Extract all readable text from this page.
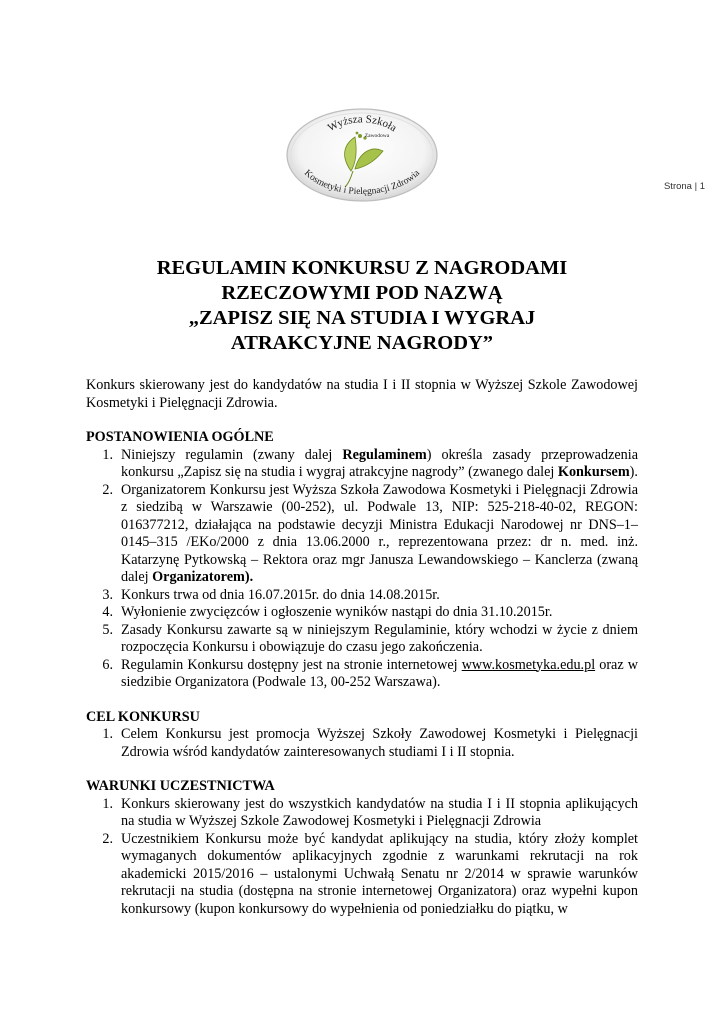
Strona | 1
Wyższa Szkoła
Zawodowa
Kosmetyki i Pielęgnacji Zdrowia
REGULAMIN KONKURSU Z NAGRODAMI
RZECZOWYMI POD NAZWĄ
„ZAPISZ SIĘ NA STUDIA I WYGRAJ
ATRAKCYJNE NAGRODY”

Konkurs skierowany jest do kandydatów na studia I i II stopnia w Wyższej Szkole Zawodowej Kosmetyki i Pielęgnacji Zdrowia.

POSTANOWIENIA OGÓLNE
1. Niniejszy regulamin (zwany dalej Regulaminem) określa zasady przeprowadzenia konkursu „Zapisz się na studia i wygraj atrakcyjne nagrody” (zwanego dalej Konkursem).
2. Organizatorem Konkursu jest Wyższa Szkoła Zawodowa Kosmetyki i Pielęgnacji Zdrowia z siedzibą w Warszawie (00-252), ul. Podwale 13, NIP: 525-218-40-02, REGON: 016377212, działająca na podstawie decyzji Ministra Edukacji Narodowej nr DNS–1–0145–315 /EKo/2000 z dnia 13.06.2000 r., reprezentowana przez: dr n. med. inż. Katarzynę Pytkowską – Rektora oraz mgr Janusza Lewandowskiego – Kanclerza (zwaną dalej Organizatorem).
3. Konkurs trwa od dnia 16.07.2015r. do dnia 14.08.2015r.
4. Wyłonienie zwycięzców i ogłoszenie wyników nastąpi do dnia 31.10.2015r.
5. Zasady Konkursu zawarte są w niniejszym Regulaminie, który wchodzi w życie z dniem rozpoczęcia Konkursu i obowiązuje do czasu jego zakończenia.
6. Regulamin Konkursu dostępny jest na stronie internetowej www.kosmetyka.edu.pl oraz w siedzibie Organizatora (Podwale 13, 00-252 Warszawa).
CEL KONKURSU
1. Celem Konkursu jest promocja Wyższej Szkoły Zawodowej Kosmetyki i Pielęgnacji Zdrowia wśród kandydatów zainteresowanych studiami I i II stopnia.
WARUNKI UCZESTNICTWA
1. Konkurs skierowany jest do wszystkich kandydatów na studia I i II stopnia aplikujących na studia w Wyższej Szkole Zawodowej Kosmetyki i Pielęgnacji Zdrowia
2. Uczestnikiem Konkursu może być kandydat aplikujący na studia, który złoży komplet wymaganych dokumentów aplikacyjnych zgodnie z warunkami rekrutacji na rok akademicki 2015/2016 – ustalonymi Uchwałą Senatu nr 2/2014 w sprawie warunków rekrutacji na studia (dostępna na stronie internetowej Organizatora) oraz wypełni kupon konkursowy (kupon konkursowy do wypełnienia od poniedziałku do piątku, w
